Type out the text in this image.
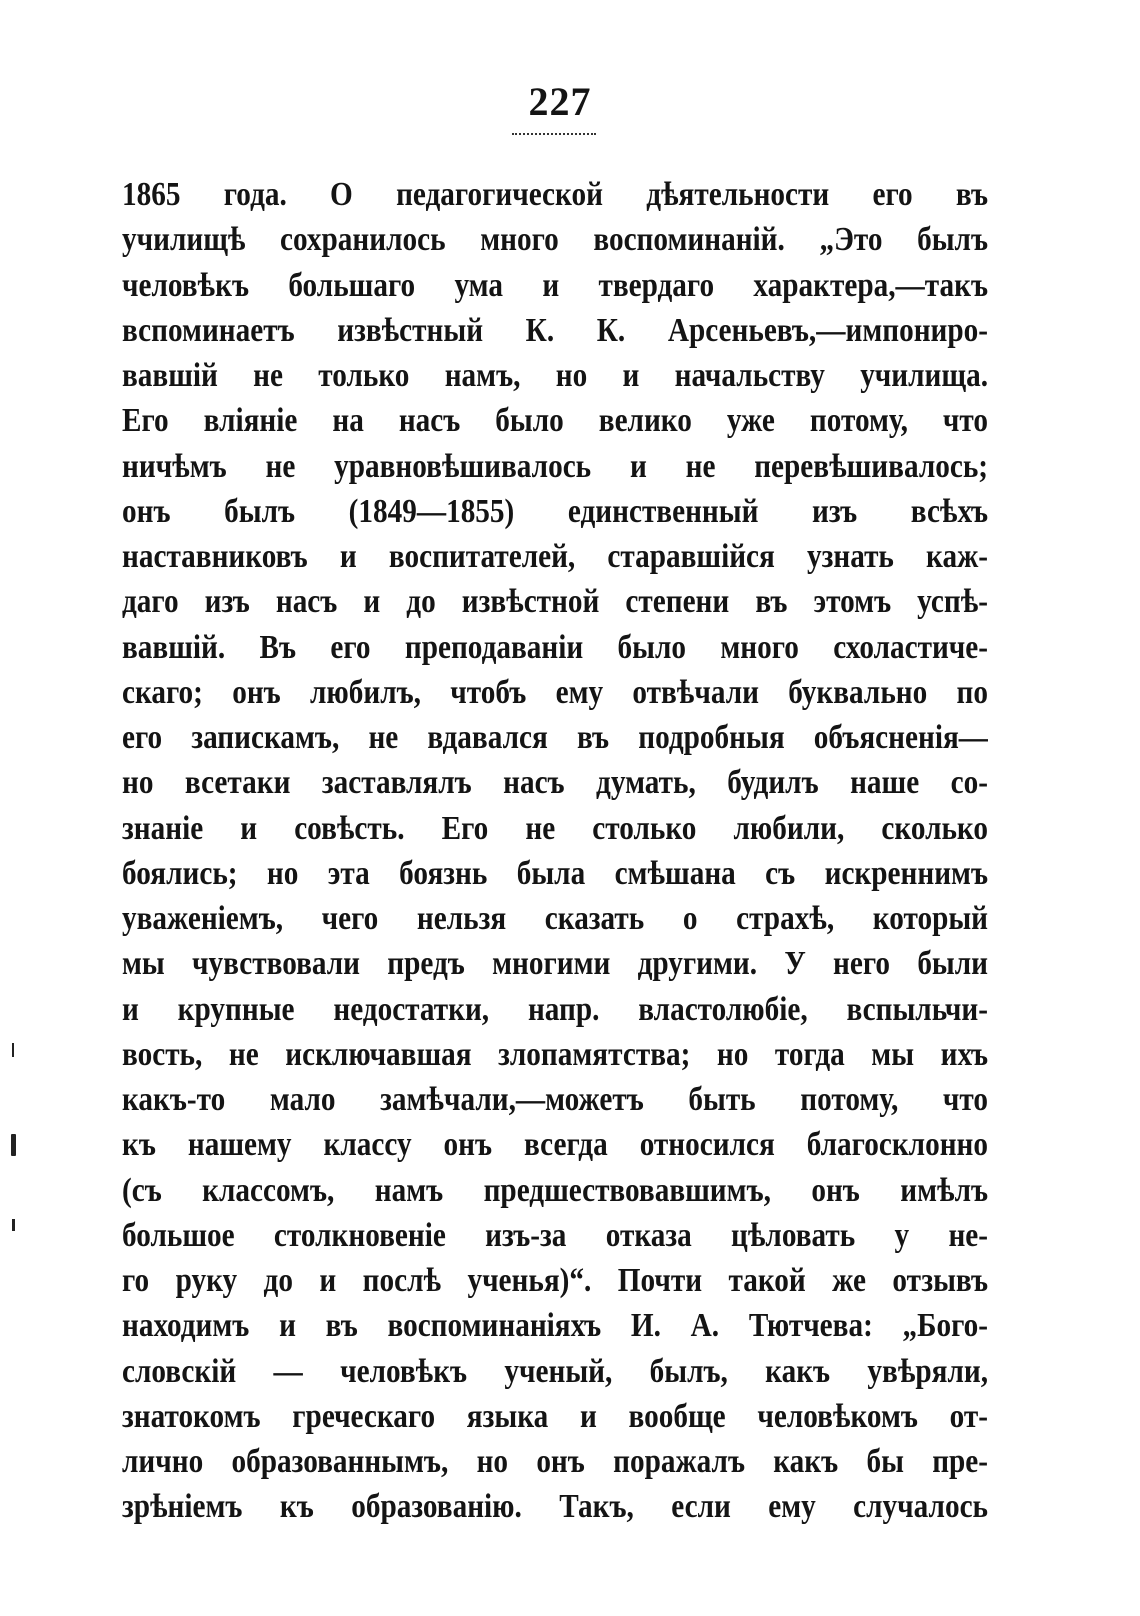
227
1865 года. О педагогической дѣятельности его въ
училищѣ сохранилось много воспоминаній. „Это былъ
человѣкъ большаго ума и твердаго характера,—такъ
вспоминаетъ извѣстный К. К. Арсеньевъ,—импониро-
вавшій не только намъ, но и начальству училища.
Его вліяніе на насъ было велико уже потому, что
ничѣмъ не уравновѣшивалось и не перевѣшивалось;
онъ былъ (1849—1855) единственный изъ всѣхъ
наставниковъ и воспитателей, старавшійся узнать каж-
даго изъ насъ и до извѣстной степени въ этомъ успѣ-
вавшій. Въ его преподаваніи было много схоластиче-
скаго; онъ любилъ, чтобъ ему отвѣчали буквально по
его запискамъ, не вдавался въ подробныя объясненія—
но всетаки заставлялъ насъ думать, будилъ наше со-
знаніе и совѣсть. Его не столько любили, сколько
боялись; но эта боязнь была смѣшана съ искреннимъ
уваженіемъ, чего нельзя сказать о страхѣ, который
мы чувствовали предъ многими другими. У него были
и крупные недостатки, напр. властолюбіе, вспыльчи-
вость, не исключавшая злопамятства; но тогда мы ихъ
какъ-то мало замѣчали,—можетъ быть потому, что
къ нашему классу онъ всегда относился благосклонно
(съ классомъ, намъ предшествовавшимъ, онъ имѣлъ
большое столкновеніе изъ-за отказа цѣловать у не-
го руку до и послѣ ученья)“. Почти такой же отзывъ
находимъ и въ воспоминаніяхъ И. А. Тютчева: „Бого-
словскій — человѣкъ ученый, былъ, какъ увѣряли,
знатокомъ греческаго языка и вообще человѣкомъ от-
лично образованнымъ, но онъ поражалъ какъ бы пре-
зрѣніемъ къ образованію. Такъ, если ему случалось
